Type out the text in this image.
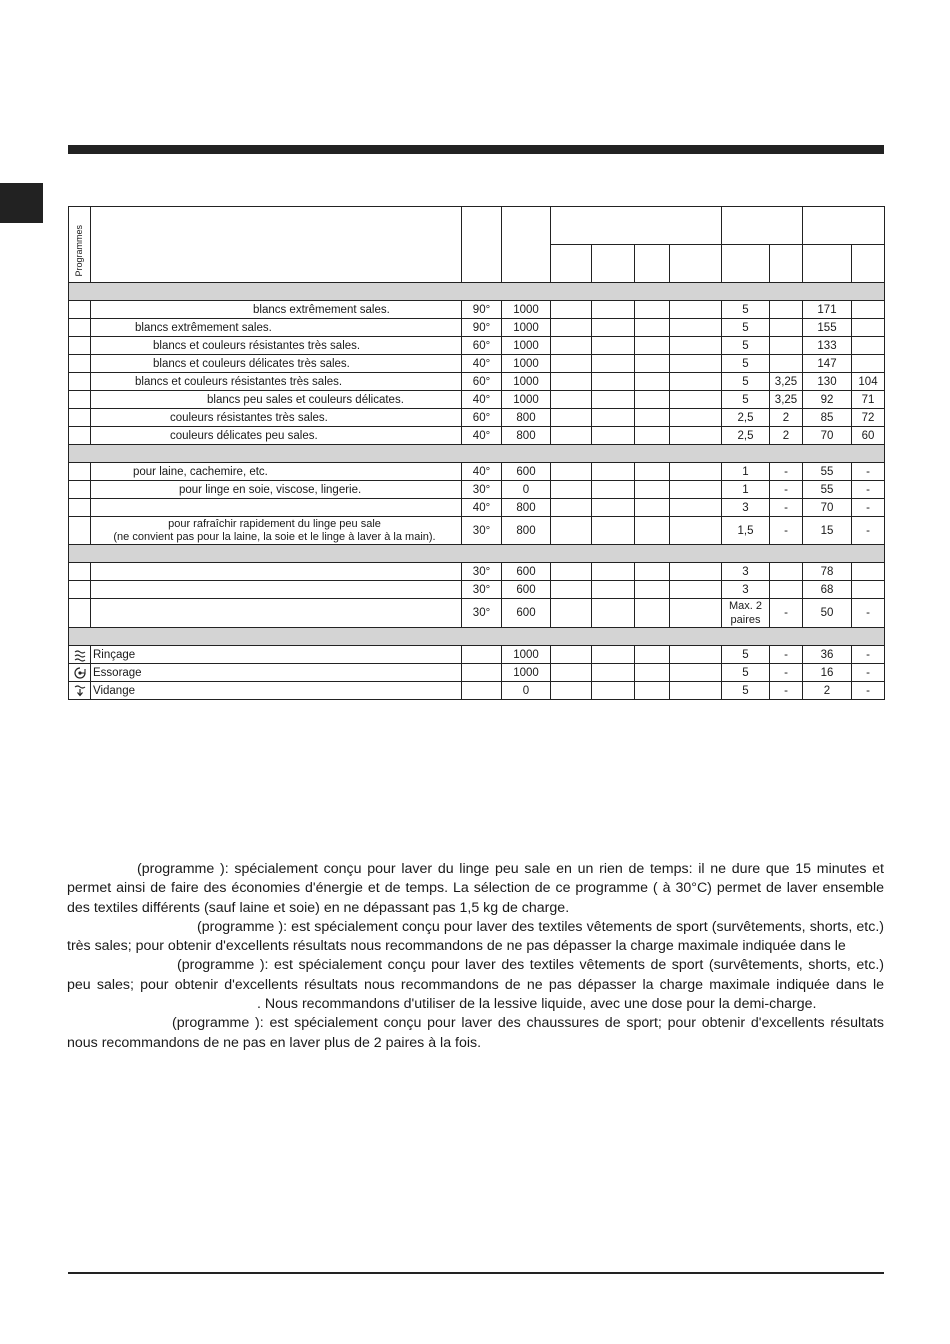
Programmes											

	blancs extrêmement sales.	90°	1000					5		171	
	blancs extrêmement sales.	90°	1000					5		155	
	blancs et couleurs résistantes très sales.	60°	1000					5		133	
	blancs et couleurs délicates très sales.	40°	1000					5		147	
	blancs et couleurs résistantes très sales.	60°	1000					5	3,25	130	104
	blancs peu sales et couleurs délicates.	40°	1000					5	3,25	92	71
	couleurs résistantes très sales.	60°	800					2,5	2	85	72
	couleurs délicates peu sales.	40°	800					2,5	2	70	60

	pour laine, cachemire, etc.	40°	600					1	-	55	-
	pour linge en soie, viscose, lingerie.	30°	0					1	-	55	-
		40°	800					3	-	70	-

	pour rafraîchir rapidement du linge peu sale
(ne convient pas pour la laine, la soie et le linge à laver à la main).	30°	800					1,5	-	15	-

		30°	600					3		78	
		30°	600					3		68	
		30°	600					Max. 2
paires	-	50	-

	Rinçage		1000					5	-	36	-
	Essorage		1000					5	-	16	-
	Vidange		0					5	-	2	-

(programme ): spécialement conçu pour laver du linge peu sale en un rien de temps: il ne dure que 15 minutes et permet ainsi de faire des économies d'énergie et de temps. La sélection de ce programme ( à 30°C) permet de laver ensemble des textiles différents (sauf laine et soie) en ne dépassant pas 1,5 kg de charge.

(programme ): est spécialement conçu pour laver des textiles vêtements de sport (survêtements, shorts, etc.) très sales; pour obtenir d'excellents résultats nous recommandons de ne pas dépasser la charge maximale indiquée dans le

(programme ): est spécialement conçu pour laver des textiles vêtements de sport (survêtements, shorts, etc.) peu sales; pour obtenir d'excellents résultats nous recommandons de ne pas dépasser la charge maximale indiquée dans le. Nous recommandons d'utiliser de la lessive liquide, avec une dose pour la demi-charge.

(programme ): est spécialement conçu pour laver des chaussures de sport; pour obtenir d'excellents résultats nous recommandons de ne pas en laver plus de 2 paires à la fois.
